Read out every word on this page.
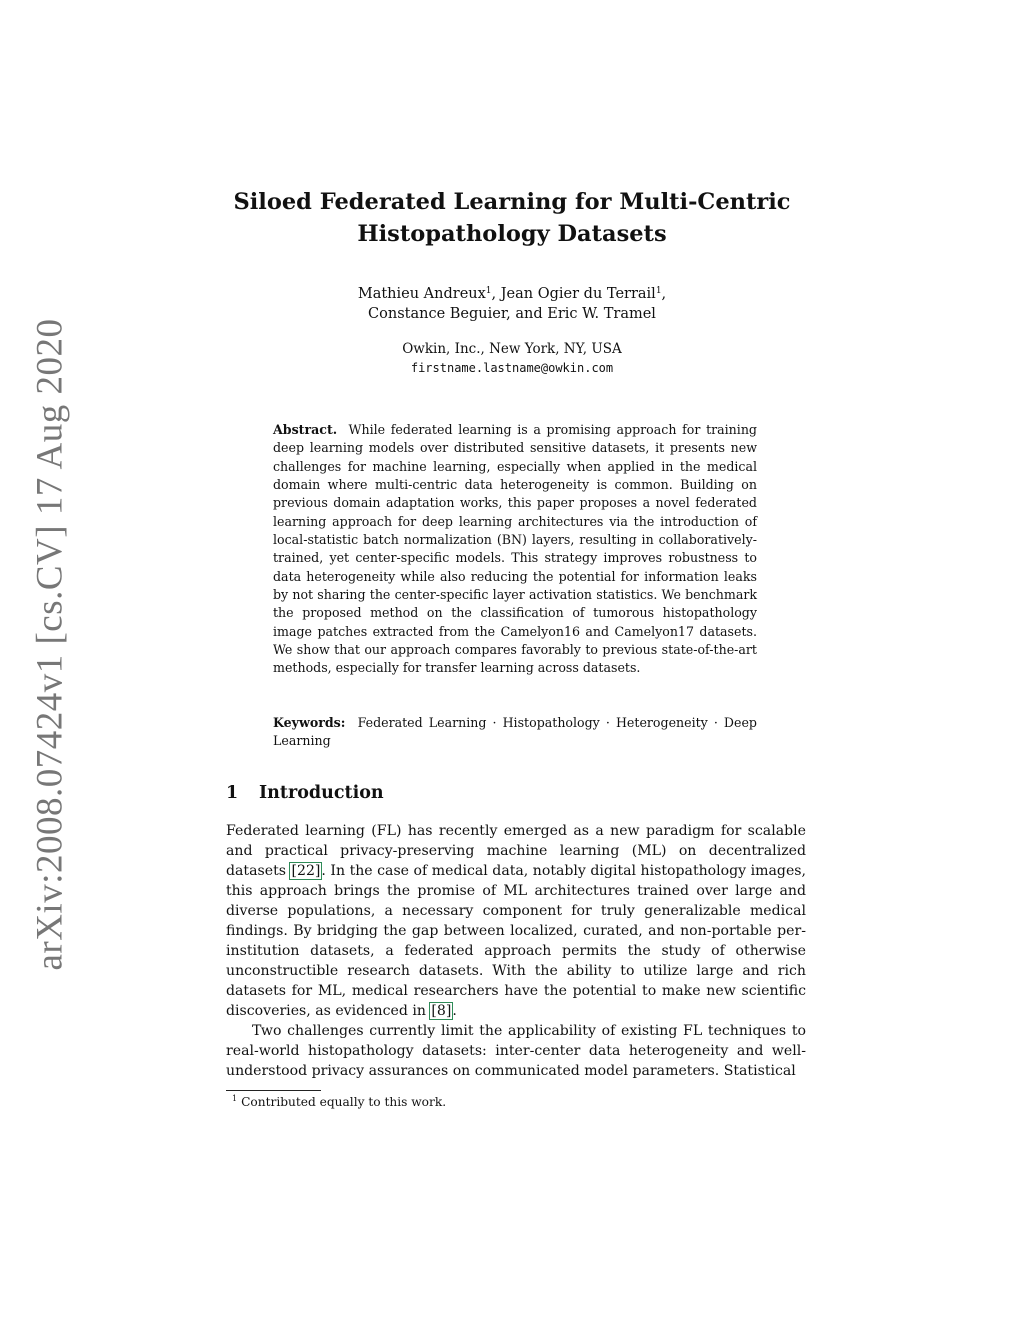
arXiv:2008.07424v1 [cs.CV] 17 Aug 2020
Siloed Federated Learning for Multi-Centric
Histopathology Datasets
Mathieu Andreux$^1$, Jean Ogier du Terrail$^1$,
Constance Beguier, and Eric W. Tramel
Owkin, Inc., New York, NY, USA
firstname.lastname@owkin.com

Abstract. While federated learning is a promising approach for training deep learning models over distributed sensitive datasets, it presents new challenges for machine learning, especially when applied in the medical domain where multi-centric data heterogeneity is common. Building on previous domain adaptation works, this paper proposes a novel federated learning approach for deep learning architectures via the introduction of local-statistic batch normalization (BN) layers, resulting in collaboratively-trained, yet center-specific models. This strategy improves robustness to data heterogeneity while also reducing the potential for information leaks by not sharing the center-specific layer activation statistics. We benchmark the proposed method on the classification of tumorous histopathology image patches extracted from the Camelyon16 and Camelyon17 datasets. We show that our approach compares favorably to previous state-of-the-art methods, especially for transfer learning across datasets.

Keywords: Federated Learning · Histopathology · Heterogeneity · Deep Learning

1 Introduction

Federated learning (FL) has recently emerged as a new paradigm for scalable and practical privacy-preserving machine learning (ML) on decentralized datasets [22]. In the case of medical data, notably digital histopathology images, this approach brings the promise of ML architectures trained over large and diverse populations, a necessary component for truly generalizable medical findings. By bridging the gap between localized, curated, and non-portable per-institution datasets, a federated approach permits the study of otherwise unconstructible research datasets. With the ability to utilize large and rich datasets for ML, medical researchers have the potential to make new scientific discoveries, as evidenced in [8].

Two challenges currently limit the applicability of existing FL techniques to real-world histopathology datasets: inter-center data heterogeneity and well-understood privacy assurances on communicated model parameters. Statistical

$^1$ Contributed equally to this work.
